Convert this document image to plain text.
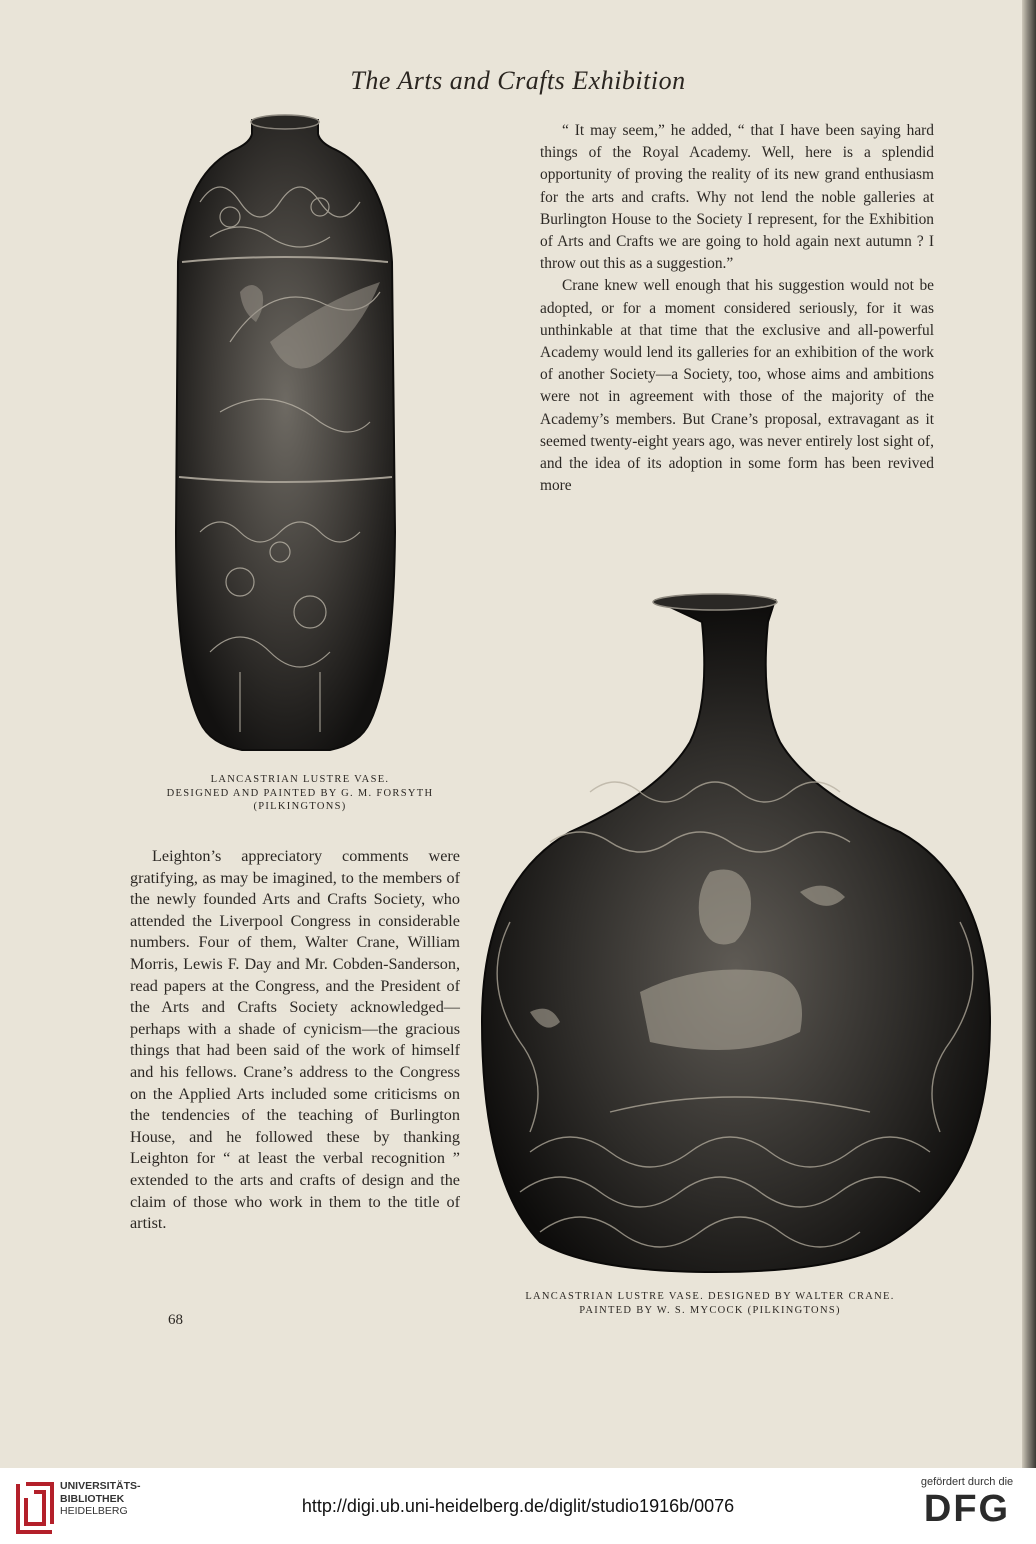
The Arts and Crafts Exhibition
LANCASTRIAN LUSTRE VASE.
DESIGNED AND PAINTED BY G. M. FORSYTH
(PILKINGTONS)

“ It may seem,” he added, “ that I have been saying hard things of the Royal Academy. Well, here is a splendid opportunity of proving the reality of its new grand enthusiasm for the arts and crafts. Why not lend the noble galleries at Burlington House to the Society I represent, for the Exhibition of Arts and Crafts we are going to hold again next autumn ? I throw out this as a suggestion.”

Crane knew well enough that his suggestion would not be adopted, or for a moment considered seriously, for it was unthinkable at that time that the exclusive and all-powerful Academy would lend its galleries for an exhibition of the work of another Society—a Society, too, whose aims and ambitions were not in agreement with those of the majority of the Academy’s members. But Crane’s proposal, extravagant as it seemed twenty-eight years ago, was never entirely lost sight of, and the idea of its adoption in some form has been revived more

Leighton’s appreciatory comments were gratifying, as may be imagined, to the members of the newly founded Arts and Crafts Society, who attended the Liverpool Congress in considerable numbers. Four of them, Walter Crane, William Morris, Lewis F. Day and Mr. Cobden-Sanderson, read papers at the Congress, and the President of the Arts and Crafts Society acknowledged—perhaps with a shade of cynicism—the gracious things that had been said of the work of himself and his fellows. Crane’s address to the Congress on the Applied Arts included some criticisms on the tendencies of the teaching of Burlington House, and he followed these by thanking Leighton for “ at least the verbal recognition ” extended to the arts and crafts of design and the claim of those who work in them to the title of artist.

LANCASTRIAN LUSTRE VASE. DESIGNED BY WALTER CRANE.
PAINTED BY W. S. MYCOCK (PILKINGTONS)
68
UNIVERSITÄTS-
BIBLIOTHEK
HEIDELBERG	http://digi.ub.uni-heidelberg.de/diglit/studio1916b/0076
gefördert durch die
DFG
